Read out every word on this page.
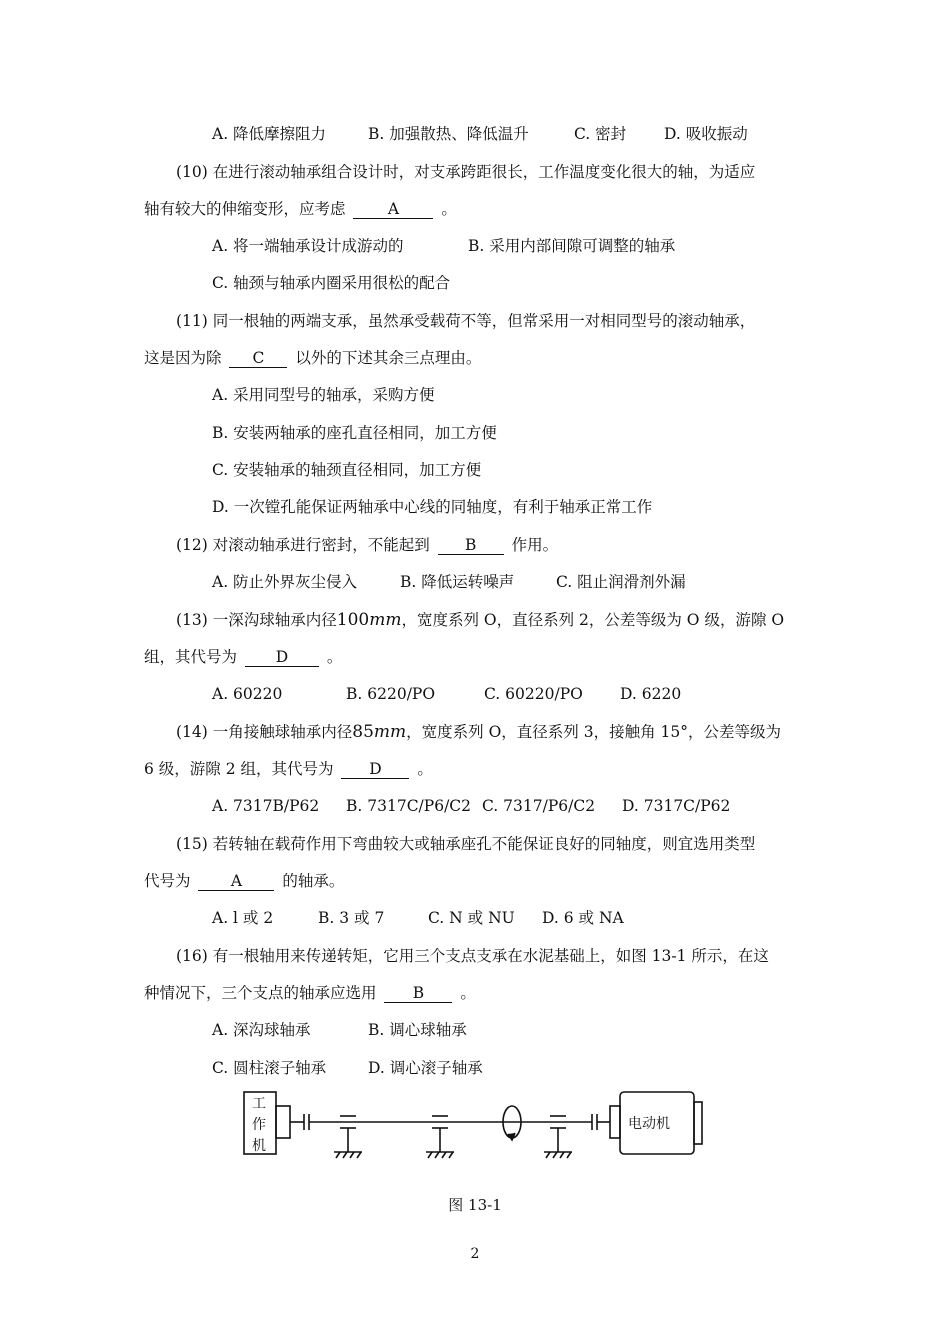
A. 降低摩擦阻力	B. 加强散热、降低温升	C. 密封 D. 吸收振动
(10) 在进行滚动轴承组合设计时，对支承跨距很长，工作温度变化很大的轴，为适应
轴有较大的伸缩变形，应考虑	A	。
A. 将一端轴承设计成游动的	B. 采用内部间隙可调整的轴承
C. 轴颈与轴承内圈采用很松的配合
(11) 同一根轴的两端支承，虽然承受载荷不等，但常采用一对相同型号的滚动轴承，
这是因为除 C 以外的下述其余三点理由。
A. 采用同型号的轴承，采购方便
B. 安装两轴承的座孔直径相同，加工方便
C. 安装轴承的轴颈直径相同，加工方便
D. 一次镗孔能保证两轴承中心线的同轴度，有利于轴承正常工作
(12) 对滚动轴承进行密封，不能起到 B 作用。
A. 防止外界灰尘侵入	B. 降低运转噪声	C. 阻止润滑剂外漏
(13) 一深沟球轴承内径100mm，宽度系列 O，直径系列 2，公差等级为 O 级，游隙 O
组，其代号为 D 。
A. 60220	B. 6220/PO	C. 60220/PO D. 6220
(14) 一角接触球轴承内径85mm，宽度系列 O，直径系列 3，接触角 15°，公差等级为
6 级，游隙 2 组，其代号为 D 。
A. 7317B/P62 B. 7317C/P6/C2 C. 7317/P6/C2 D. 7317C/P62
(15) 若转轴在载荷作用下弯曲较大或轴承座孔不能保证良好的同轴度，则宜选用类型
代号为	A	的轴承。
A. l 或 2	B. 3 或 7	C. N 或 NU D. 6 或 NA
(16) 有一根轴用来传递转矩，它用三个支点支承在水泥基础上，如图 13-1 所示，在这
种情况下，三个支点的轴承应选用 B 。
A. 深沟球轴承	B. 调心球轴承
C. 圆柱滚子轴承	D. 调心滚子轴承
工
作
机
电动机
图 13-1
2
